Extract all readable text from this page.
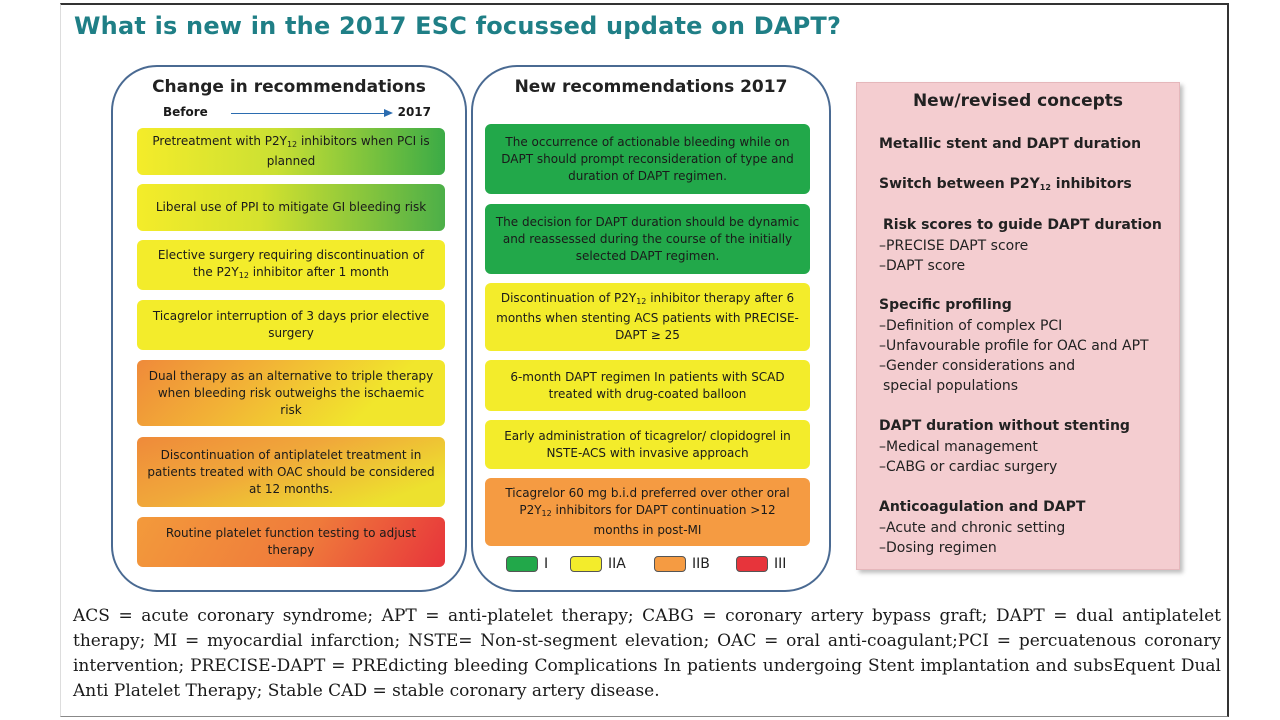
What is new in the 2017 ESC focussed update on DAPT?
Change in recommendations
Before	2017
Pretreatment with $P2Y_{12}$ inhibitors when PCI is planned
Liberal use of PPI to mitigate GI bleeding risk
Elective surgery requiring discontinuation of the $P2Y_{12}$ inhibitor after 1 month
Ticagrelor interruption of 3 days prior elective surgery
Dual therapy as an alternative to triple therapy when bleeding risk outweighs the ischaemic risk
Discontinuation of antiplatelet treatment in patients treated with OAC should be considered at 12 months.
Routine platelet function testing to adjust therapy
New recommendations 2017
The occurrence of actionable bleeding while on DAPT should prompt reconsideration of type and duration of DAPT regimen.
The decision for DAPT duration should be dynamic and reassessed during the course of the initially selected DAPT regimen.
Discontinuation of $P2Y_{12}$ inhibitor therapy after 6 months when stenting ACS patients with PRECISE-DAPT ≥ 25
6-month DAPT regimen In patients with SCAD treated with drug-coated balloon
Early administration of ticagrelor/ clopidogrel in NSTE-ACS with invasive approach
Ticagrelor 60 mg b.i.d preferred over other oral $P2Y_{12}$ inhibitors for DAPT continuation >12 months in post-MI
I	IIA	IIB	III
New/revised concepts
Metallic stent and DAPT duration
Switch between $P2Y_{12}$ inhibitors
Risk scores to guide DAPT duration
–PRECISE DAPT score
–DAPT score
Specific profiling
–Definition of complex PCI
–Unfavourable profile for OAC and APT
–Gender considerations and
special populations
DAPT duration without stenting
–Medical management
–CABG or cardiac surgery
Anticoagulation and DAPT
–Acute and chronic setting
–Dosing regimen
ACS = acute coronary syndrome; APT = anti-platelet therapy; CABG = coronary artery bypass graft; DAPT = dual antiplatelet therapy; MI = myocardial infarction; NSTE= Non-st-segment elevation; OAC = oral anti-coagulant;PCI = percuatenous coronary intervention; PRECISE-DAPT = PREdicting bleeding Complications In patients undergoing Stent implantation and subsEquent Dual Anti Platelet Therapy; Stable CAD = stable coronary artery disease.
